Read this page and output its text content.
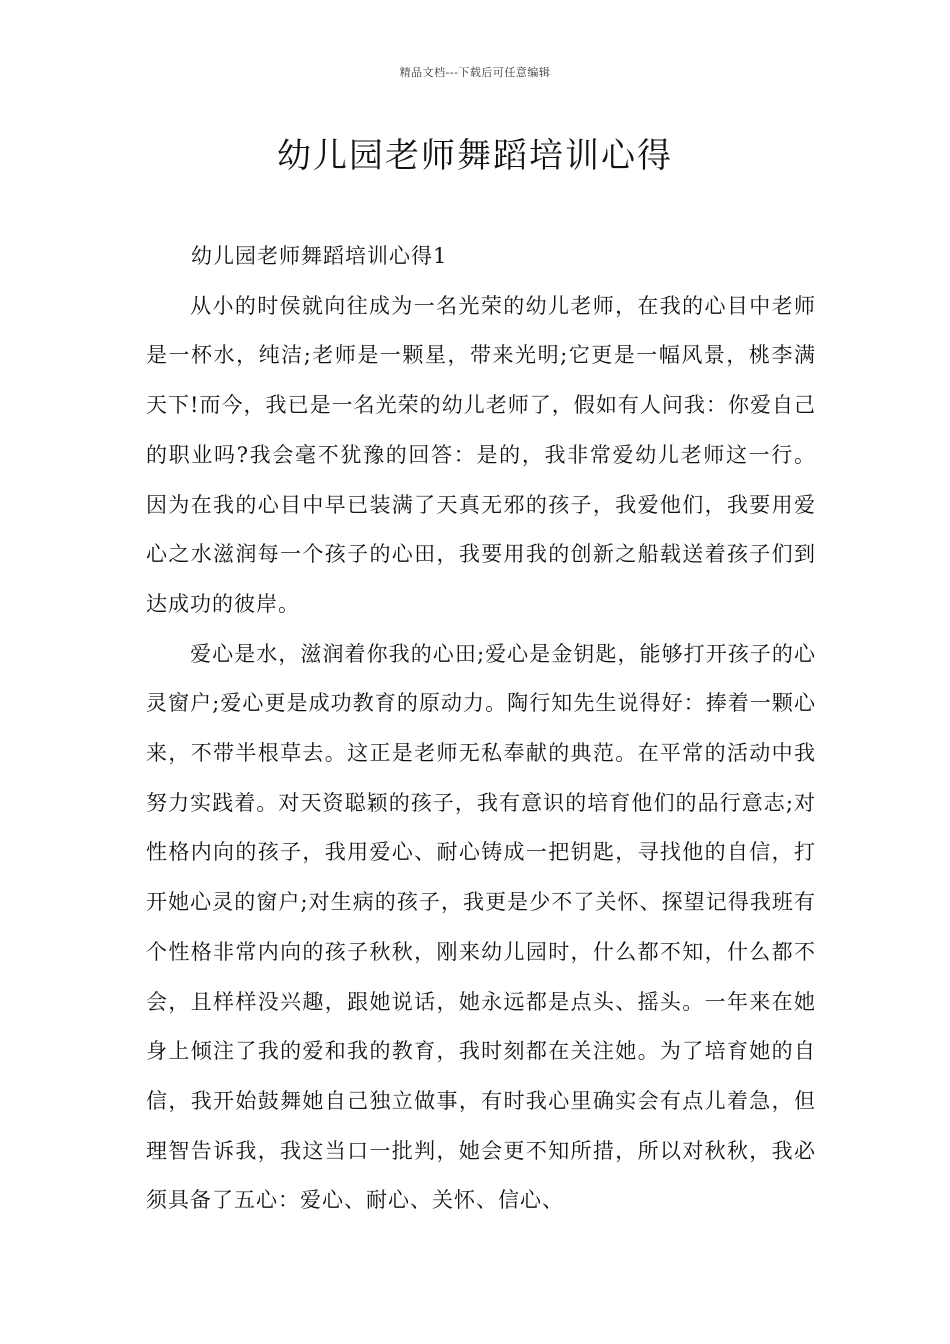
精品文档---下载后可任意编辑
幼儿园老师舞蹈培训心得

幼儿园老师舞蹈培训心得1

从小的时侯就向往成为一名光荣的幼儿老师，在我的心目中老师是一杯水，纯洁;老师是一颗星，带来光明;它更是一幅风景，桃李满天下!而今，我已是一名光荣的幼儿老师了，假如有人问我：你爱自己的职业吗?我会毫不犹豫的回答：是的，我非常爱幼儿老师这一行。因为在我的心目中早已装满了天真无邪的孩子，我爱他们，我要用爱心之水滋润每一个孩子的心田，我要用我的创新之船载送着孩子们到达成功的彼岸。

爱心是水，滋润着你我的心田;爱心是金钥匙，能够打开孩子的心灵窗户;爱心更是成功教育的原动力。陶行知先生说得好：捧着一颗心来，不带半根草去。这正是老师无私奉献的典范。在平常的活动中我努力实践着。对天资聪颖的孩子，我有意识的培育他们的品行意志;对性格内向的孩子，我用爱心、耐心铸成一把钥匙，寻找他的自信，打开她心灵的窗户;对生病的孩子，我更是少不了关怀、探望记得我班有个性格非常内向的孩子秋秋，刚来幼儿园时，什么都不知，什么都不会，且样样没兴趣，跟她说话，她永远都是点头、摇头。一年来在她身上倾注了我的爱和我的教育，我时刻都在关注她。为了培育她的自信，我开始鼓舞她自己独立做事，有时我心里确实会有点儿着急，但理智告诉我，我这当口一批判，她会更不知所措，所以对秋秋，我必须具备了五心：爱心、耐心、关怀、信心、
